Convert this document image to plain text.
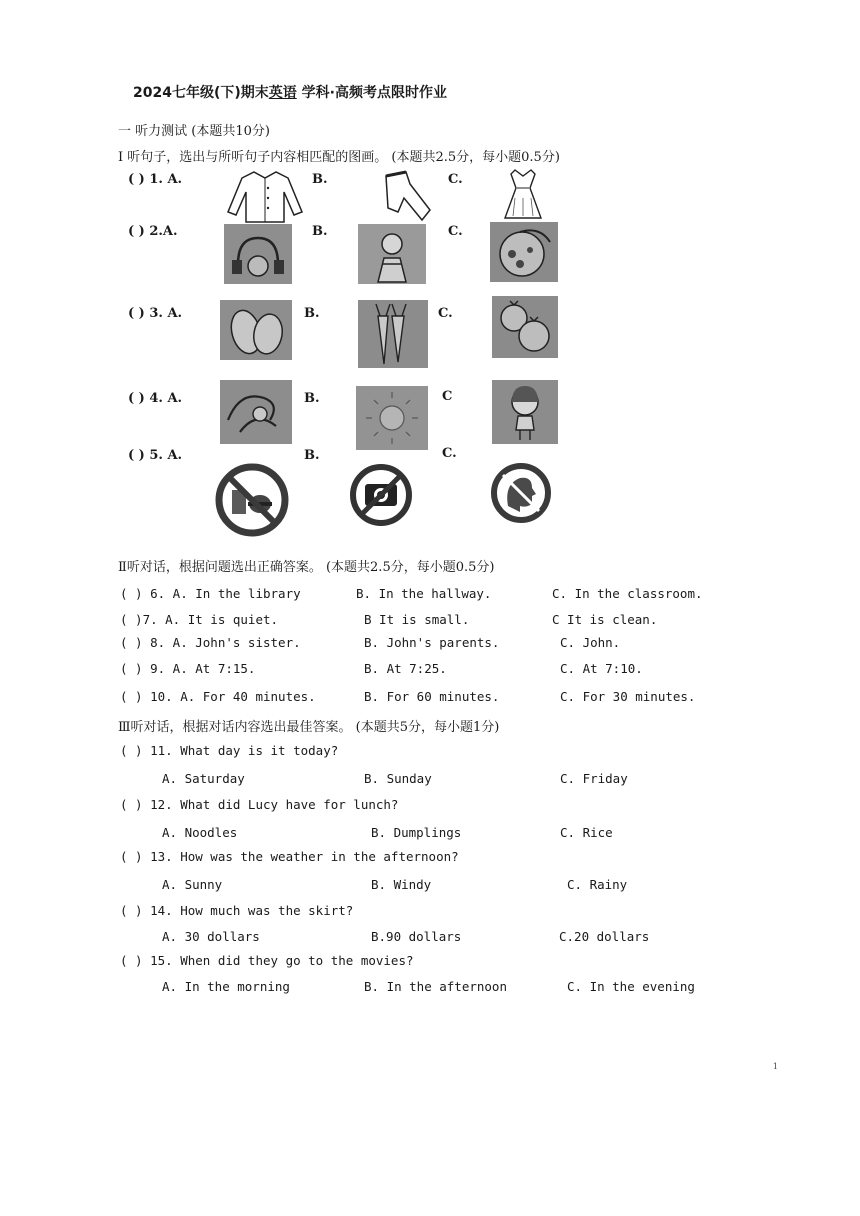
2024七年级(下)期末英语 学科·高频考点限时作业
一 听力测试 (本题共10分)
Ⅰ 听句子，选出与所听句子内容相匹配的图画。 (本题共2.5分，每小题0.5分)
( ) 1. A.	B.	C.
( ) 2.A.	B.	C.
( ) 3. A.	B.	C.
( ) 4. A.	B.	C
( ) 5. A.	B.	C.
Ⅱ听对话，根据问题选出正确答案。 (本题共2.5分，每小题0.5分)
( ) 6. A. In the library	B. In the hallway.	C. In the classroom.
( )7. A. It is quiet.	B It is small.	C It is clean.
( ) 8. A. John's sister.	B. John's parents.	C. John.
( ) 9. A. At 7:15.	B. At 7:25.	C. At 7:10.
( ) 10. A. For 40 minutes.	B. For 60 minutes.	C. For 30 minutes.
Ⅲ听对话，根据对话内容选出最佳答案。 (本题共5分，每小题1分)
( ) 11. What day is it today?
A. Saturday	B. Sunday	C. Friday
( ) 12. What did Lucy have for lunch?
A. Noodles	B. Dumplings	C. Rice
( ) 13. How was the weather in the afternoon?
A. Sunny	B. Windy	C. Rainy
( ) 14. How much was the skirt?
A. 30 dollars	B.90 dollars	C.20 dollars
( ) 15. When did they go to the movies?
A. In the morning	B. In the afternoon	C. In the evening
1
